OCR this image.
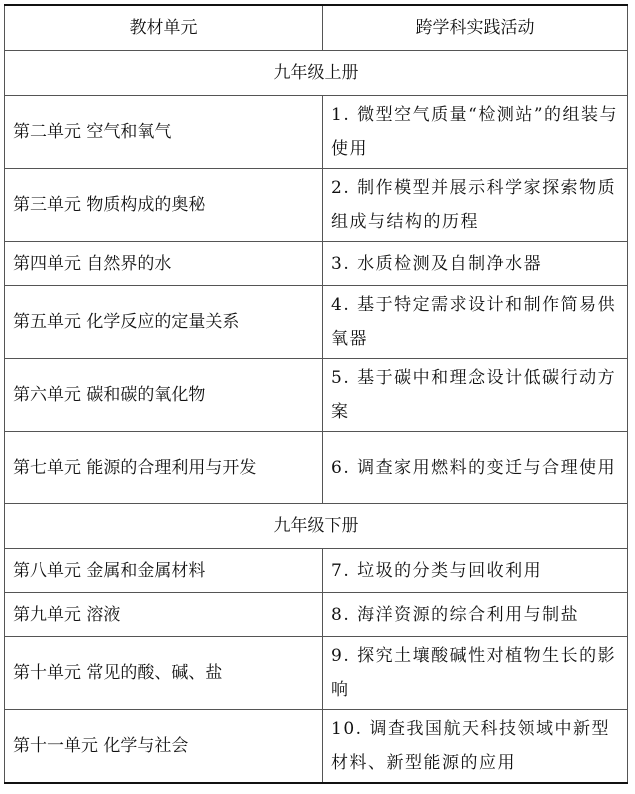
教材单元	跨学科实践活动
九年级上册	
第二单元 空气和氧气	1. 微型空气质量“检测站”的组装与使用
第三单元 物质构成的奥秘	2. 制作模型并展示科学家探索物质组成与结构的历程
第四单元 自然界的水	3. 水质检测及自制净水器
第五单元 化学反应的定量关系	4. 基于特定需求设计和制作简易供氧器
第六单元 碳和碳的氧化物	5. 基于碳中和理念设计低碳行动方案
第七单元 能源的合理利用与开发	6. 调查家用燃料的变迁与合理使用
九年级下册	
第八单元 金属和金属材料	7. 垃圾的分类与回收利用
第九单元 溶液	8. 海洋资源的综合利用与制盐
第十单元 常见的酸、碱、盐	9. 探究土壤酸碱性对植物生长的影响
第十一单元 化学与社会	10. 调查我国航天科技领域中新型材料、新型能源的应用
